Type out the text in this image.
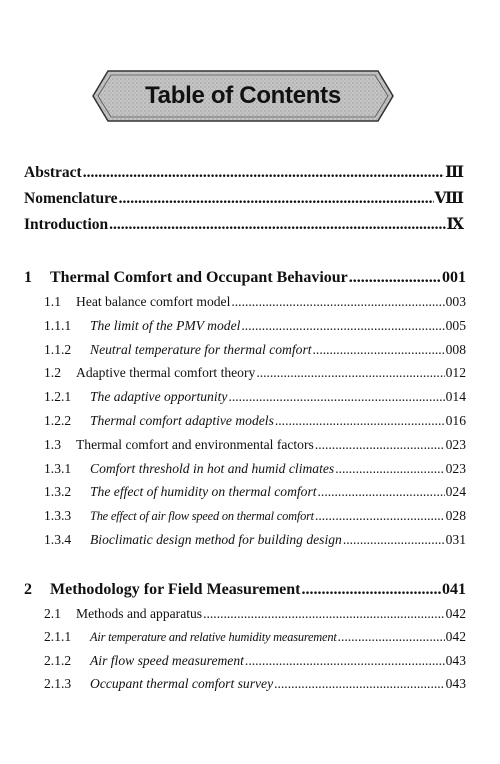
Table of Contents
Abstract .....	Ⅲ
Nomenclature .....	Ⅷ
Introduction .....	Ⅸ
1	Thermal Comfort and Occupant Behaviour .....	001
1.1	Heat balance comfort model .....	003
1.1.1	The limit of the PMV model .....	005
1.1.2	Neutral temperature for thermal comfort .....	008
1.2	Adaptive thermal comfort theory .....	012
1.2.1	The adaptive opportunity .....	014
1.2.2	Thermal comfort adaptive models .....	016
1.3	Thermal comfort and environmental factors .....	023
1.3.1	Comfort threshold in hot and humid climates .....	023
1.3.2	The effect of humidity on thermal comfort .....	024
1.3.3	The effect of air flow speed on thermal comfort .....	028
1.3.4	Bioclimatic design method for building design .....	031
2	Methodology for Field Measurement .....	041
2.1	Methods and apparatus .....	042
2.1.1	Air temperature and relative humidity measurement .....	042
2.1.2	Air flow speed measurement .....	043
2.1.3	Occupant thermal comfort survey .....	043
